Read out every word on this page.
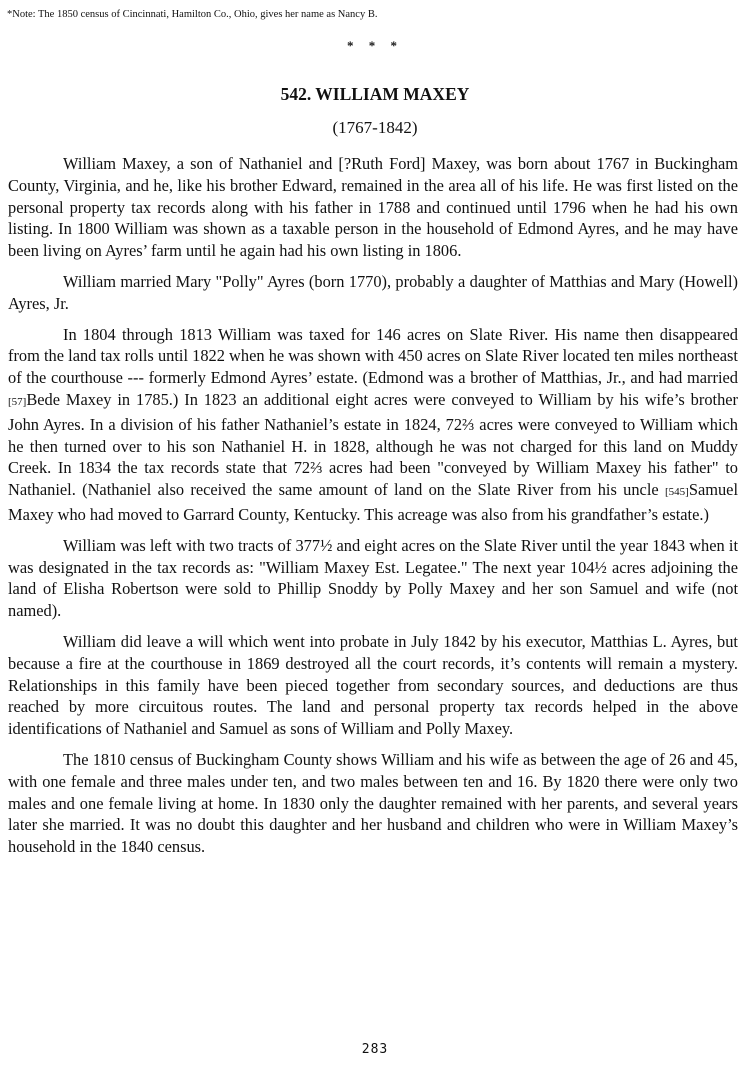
*Note: The 1850 census of Cincinnati, Hamilton Co., Ohio, gives her name as Nancy B.
* * *
542. WILLIAM MAXEY
(1767-1842)

William Maxey, a son of Nathaniel and [?Ruth Ford] Maxey, was born about 1767 in Buckingham County, Virginia, and he, like his brother Edward, remained in the area all of his life. He was first listed on the personal property tax records along with his father in 1788 and continued until 1796 when he had his own listing. In 1800 William was shown as a taxable person in the household of Edmond Ayres, and he may have been living on Ayres’ farm until he again had his own listing in 1806.

William married Mary "Polly" Ayres (born 1770), probably a daughter of Matthias and Mary (Howell) Ayres, Jr.

In 1804 through 1813 William was taxed for 146 acres on Slate River. His name then disappeared from the land tax rolls until 1822 when he was shown with 450 acres on Slate River located ten miles northeast of the courthouse --- formerly Edmond Ayres’ estate. (Edmond was a brother of Matthias, Jr., and had married [57]Bede Maxey in 1785.) In 1823 an additional eight acres were conveyed to William by his wife’s brother John Ayres. In a division of his father Nathaniel’s estate in 1824, 72⅔ acres were conveyed to William which he then turned over to his son Nathaniel H. in 1828, although he was not charged for this land on Muddy Creek. In 1834 the tax records state that 72⅔ acres had been "conveyed by William Maxey his father" to Nathaniel. (Nathaniel also received the same amount of land on the Slate River from his uncle [545]Samuel Maxey who had moved to Garrard County, Kentucky. This acreage was also from his grandfather’s estate.)

William was left with two tracts of 377½ and eight acres on the Slate River until the year 1843 when it was designated in the tax records as: "William Maxey Est. Legatee." The next year 104½ acres adjoining the land of Elisha Robertson were sold to Phillip Snoddy by Polly Maxey and her son Samuel and wife (not named).

William did leave a will which went into probate in July 1842 by his executor, Matthias L. Ayres, but because a fire at the courthouse in 1869 destroyed all the court records, it’s contents will remain a mystery. Relationships in this family have been pieced together from secondary sources, and deductions are thus reached by more circuitous routes. The land and personal property tax records helped in the above identifications of Nathaniel and Samuel as sons of William and Polly Maxey.

The 1810 census of Buckingham County shows William and his wife as between the age of 26 and 45, with one female and three males under ten, and two males between ten and 16. By 1820 there were only two males and one female living at home. In 1830 only the daughter remained with her parents, and several years later she married. It was no doubt this daughter and her husband and children who were in William Maxey’s household in the 1840 census.

283
